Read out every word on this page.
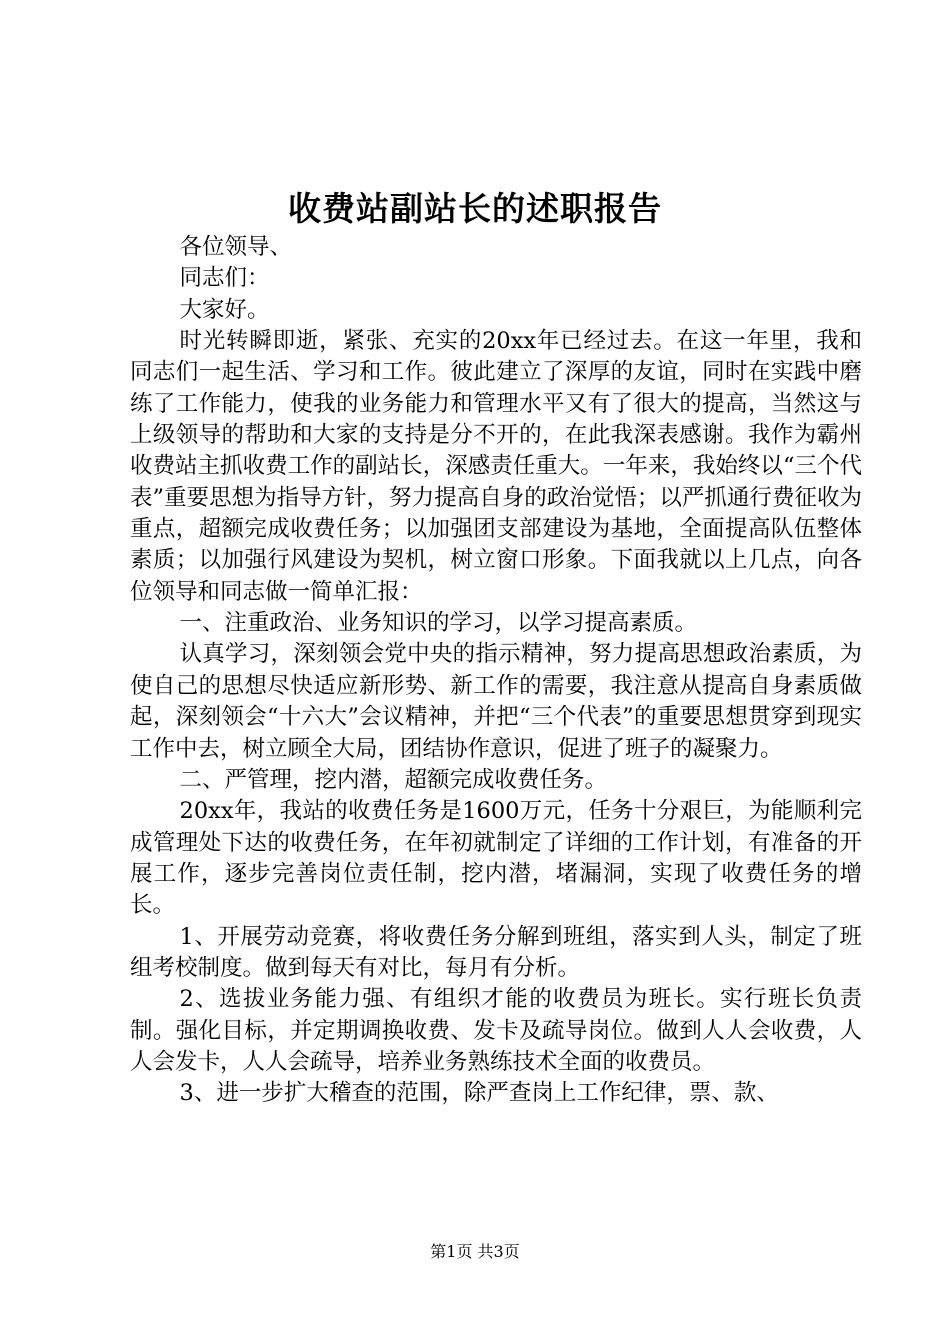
收费站副站长的述职报告

各位领导、

同志们：

大家好。

时光转瞬即逝，紧张、充实的20xx年已经过去。在这一年里，我和同志们一起生活、学习和工作。彼此建立了深厚的友谊，同时在实践中磨练了工作能力，使我的业务能力和管理水平又有了很大的提高，当然这与上级领导的帮助和大家的支持是分不开的，在此我深表感谢。我作为霸州收费站主抓收费工作的副站长，深感责任重大。一年来，我始终以“三个代表”重要思想为指导方针，努力提高自身的政治觉悟；以严抓通行费征收为重点，超额完成收费任务；以加强团支部建设为基地，全面提高队伍整体素质；以加强行风建设为契机，树立窗口形象。下面我就以上几点，向各位领导和同志做一简单汇报：

一、注重政治、业务知识的学习，以学习提高素质。

认真学习，深刻领会党中央的指示精神，努力提高思想政治素质，为使自己的思想尽快适应新形势、新工作的需要，我注意从提高自身素质做起，深刻领会“十六大”会议精神，并把“三个代表”的重要思想贯穿到现实工作中去，树立顾全大局，团结协作意识，促进了班子的凝聚力。

二、严管理，挖内潜，超额完成收费任务。

20xx年，我站的收费任务是1600万元，任务十分艰巨，为能顺利完成管理处下达的收费任务，在年初就制定了详细的工作计划，有准备的开展工作，逐步完善岗位责任制，挖内潜，堵漏洞，实现了收费任务的增长。

1、开展劳动竞赛，将收费任务分解到班组，落实到人头，制定了班组考校制度。做到每天有对比，每月有分析。

2、选拔业务能力强、有组织才能的收费员为班长。实行班长负责制。强化目标，并定期调换收费、发卡及疏导岗位。做到人人会收费，人人会发卡，人人会疏导，培养业务熟练技术全面的收费员。

3、进一步扩大稽查的范围，除严查岗上工作纪律，票、款、

第1页 共3页
